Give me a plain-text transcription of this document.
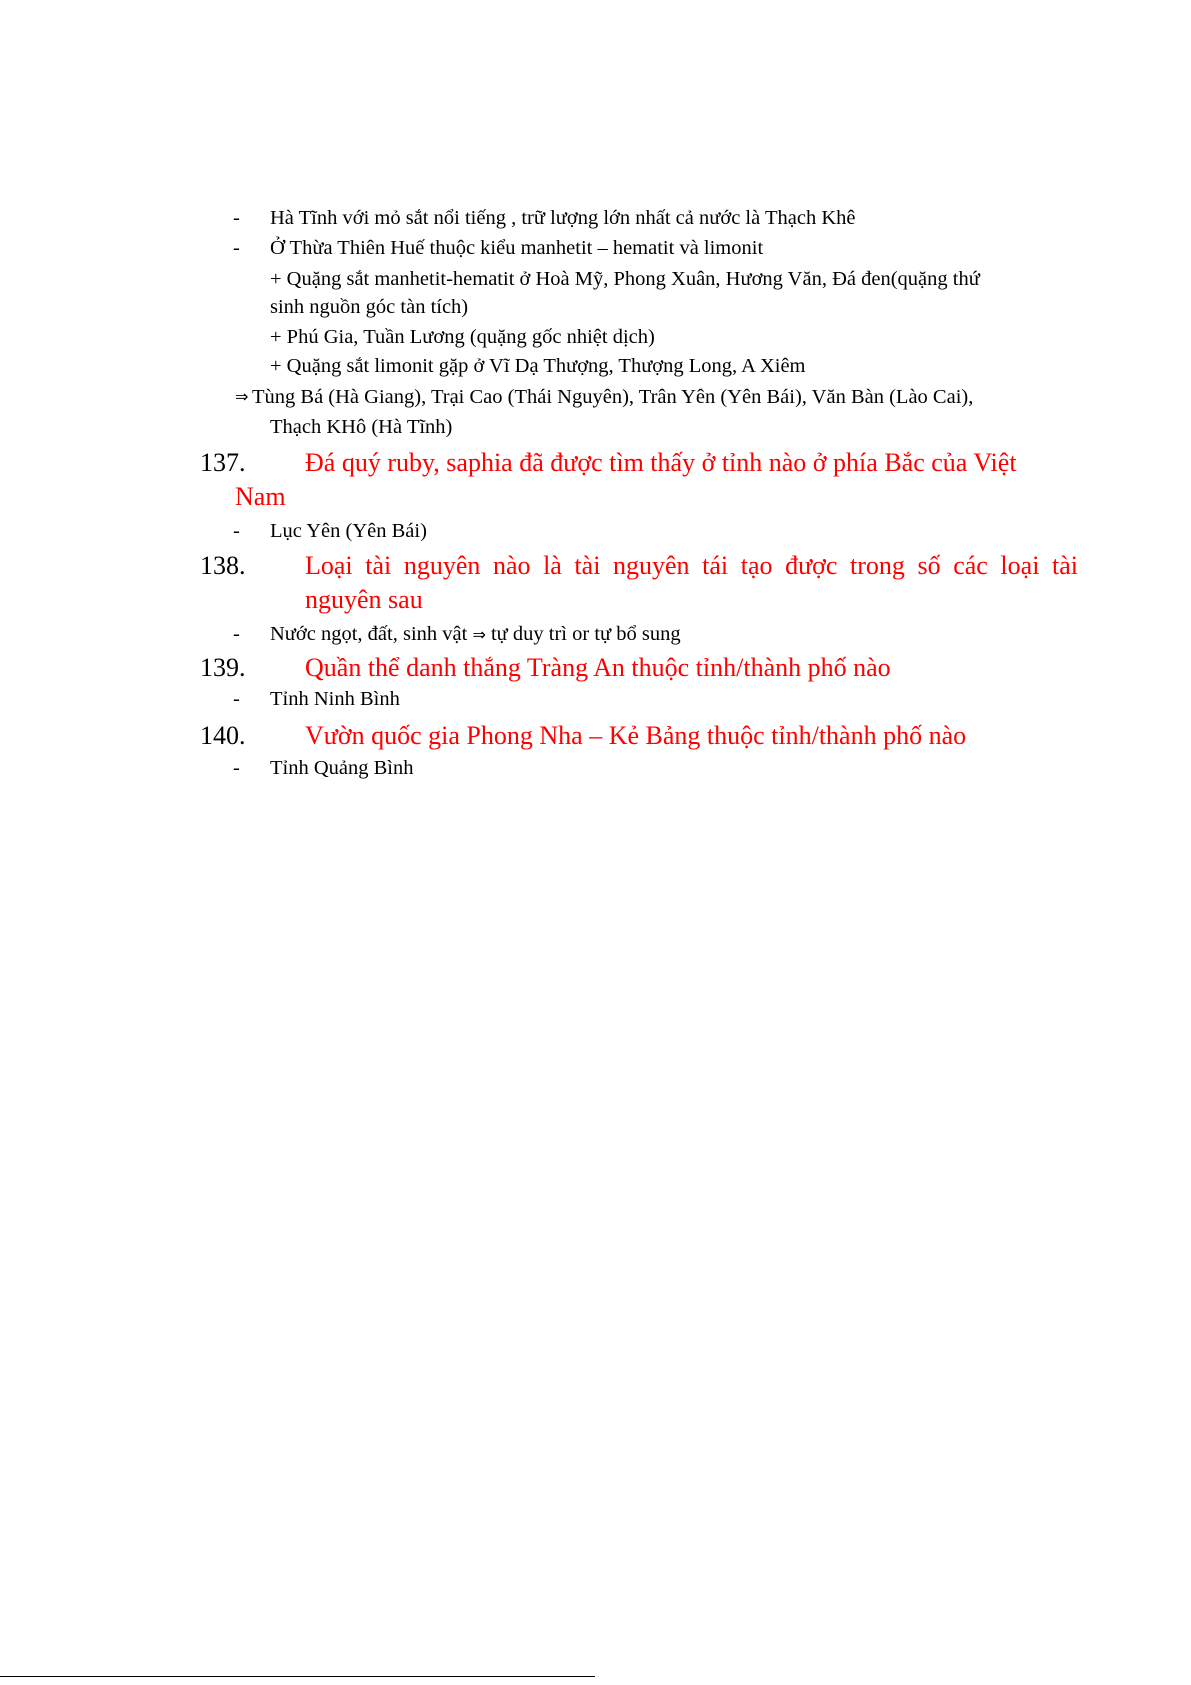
- Hà Tĩnh với mỏ sắt nổi tiếng , trữ lượng lớn nhất cả nước là Thạch Khê
- Ở Thừa Thiên Huế thuộc kiểu manhetit – hematit và limonit
+ Quặng sắt manhetit-hematit ở Hoà Mỹ, Phong Xuân, Hương Văn, Đá đen(quặng thứ
sinh nguồn góc tàn tích)
+ Phú Gia, Tuần Lương (quặng gốc nhiệt dịch)
+ Quặng sắt limonit gặp ở Vĩ Dạ Thượng, Thượng Long, A Xiêm
⇒ Tùng Bá (Hà Giang), Trại Cao (Thái Nguyên), Trân Yên (Yên Bái), Văn Bàn (Lào Cai),
Thạch KHô (Hà Tĩnh)
137. Đá quý ruby, saphia đã được tìm thấy ở tỉnh nào ở phía Bắc của Việt
Nam
- Lục Yên (Yên Bái)
138. Loại tài nguyên nào là tài nguyên tái tạo được trong số các loại tài
nguyên sau
- Nước ngọt, đất, sinh vật ⇒ tự duy trì or tự bổ sung
139. Quần thể danh thắng Tràng An thuộc tỉnh/thành phố nào
- Tỉnh Ninh Bình
140. Vườn quốc gia Phong Nha – Kẻ Bảng thuộc tỉnh/thành phố nào
- Tỉnh Quảng Bình
